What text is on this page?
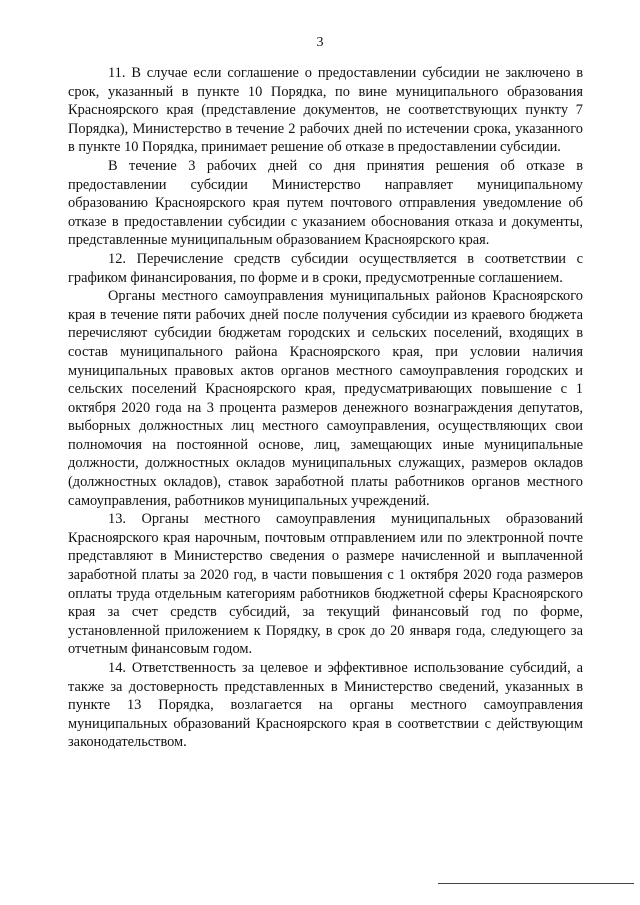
3

11. В случае если соглашение о предоставлении субсидии не заключено в срок, указанный в пункте 10 Порядка, по вине муниципального образования Красноярского края (представление документов, не соответствующих пункту 7 Порядка), Министерство в течение 2 рабочих дней по истечении срока, указанного в пункте 10 Порядка, принимает решение об отказе в предоставлении субсидии.

В течение 3 рабочих дней со дня принятия решения об отказе в предоставлении субсидии Министерство направляет муниципальному образованию Красноярского края путем почтового отправления уведомление об отказе в предоставлении субсидии с указанием обоснования отказа и документы, представленные муниципальным образованием Красноярского края.

12. Перечисление средств субсидии осуществляется в соответствии с графиком финансирования, по форме и в сроки, предусмотренные соглашением.

Органы местного самоуправления муниципальных районов Красноярского края в течение пяти рабочих дней после получения субсидии из краевого бюджета перечисляют субсидии бюджетам городских и сельских поселений, входящих в состав муниципального района Красноярского края, при условии наличия муниципальных правовых актов органов местного самоуправления городских и сельских поселений Красноярского края, предусматривающих повышение с 1 октября 2020 года на 3 процента размеров денежного вознаграждения депутатов, выборных должностных лиц местного самоуправления, осуществляющих свои полномочия на постоянной основе, лиц, замещающих иные муниципальные должности, должностных окладов муниципальных служащих, размеров окладов (должностных окладов), ставок заработной платы работников органов местного самоуправления, работников муниципальных учреждений.

13. Органы местного самоуправления муниципальных образований Красноярского края нарочным, почтовым отправлением или по электронной почте представляют в Министерство сведения о размере начисленной и выплаченной заработной платы за 2020 год, в части повышения с 1 октября 2020 года размеров оплаты труда отдельным категориям работников бюджетной сферы Красноярского края за счет средств субсидий, за текущий финансовый год по форме, установленной приложением к Порядку, в срок до 20 января года, следующего за отчетным финансовым годом.

14. Ответственность за целевое и эффективное использование субсидий, а также за достоверность представленных в Министерство сведений, указанных в пункте 13 Порядка, возлагается на органы местного самоуправления муниципальных образований Красноярского края в соответствии с действующим законодательством.
